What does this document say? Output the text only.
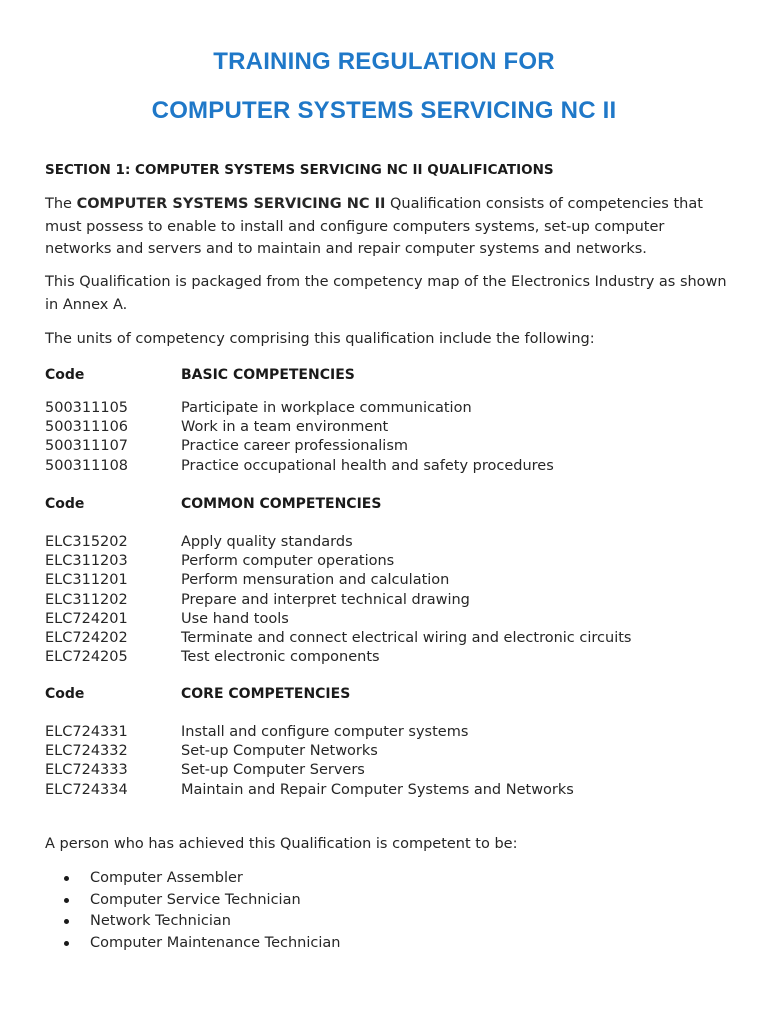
TRAINING REGULATION FOR
COMPUTER SYSTEMS SERVICING NC II
SECTION 1: COMPUTER SYSTEMS SERVICING NC II QUALIFICATIONS
The COMPUTER SYSTEMS SERVICING NC II Qualification consists of competencies that must possess to enable to install and configure computers systems, set-up computer networks and servers and to maintain and repair computer systems and networks.
This Qualification is packaged from the competency map of the Electronics Industry as shown in Annex A.
The units of competency comprising this qualification include the following:
Code	BASIC COMPETENCIES
500311105	Participate in workplace communication
500311106	Work in a team environment
500311107	Practice career professionalism
500311108	Practice occupational health and safety procedures
Code	COMMON COMPETENCIES
ELC315202	Apply quality standards
ELC311203	Perform computer operations
ELC311201	Perform mensuration and calculation
ELC311202	Prepare and interpret technical drawing
ELC724201	Use hand tools
ELC724202	Terminate and connect electrical wiring and electronic circuits
ELC724205	Test electronic components
Code	CORE COMPETENCIES
ELC724331	Install and configure computer systems
ELC724332	Set-up Computer Networks
ELC724333	Set-up Computer Servers
ELC724334	Maintain and Repair Computer Systems and Networks
A person who has achieved this Qualification is competent to be:
Computer Assembler
Computer Service Technician
Network Technician
Computer Maintenance Technician
